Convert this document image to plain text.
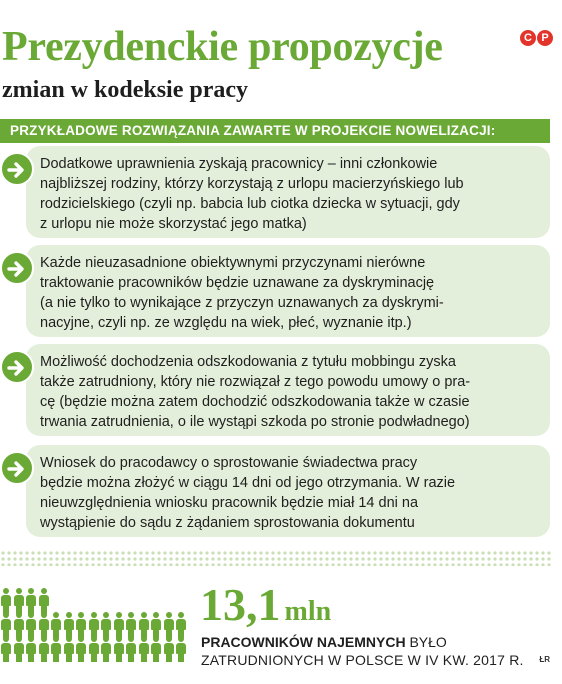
Prezydenckie propozycje
zmian w kodeksie pracy
C P
PRZYKŁADOWE ROZWIĄZANIA ZAWARTE W PROJEKCIE NOWELIZACJI:

Dodatkowe uprawnienia zyskają pracownicy – inni członkowie
najbliższej rodziny, którzy korzystają z urlopu macierzyńskiego lub
rodzicielskiego (czyli np. babcia lub ciotka dziecka w sytuacji, gdy
z urlopu nie może skorzystać jego matka)

Każde nieuzasadnione obiektywnymi przyczynami nierówne
traktowanie pracowników będzie uznawane za dyskryminację
(a nie tylko to wynikające z przyczyn uznawanych za dyskrymi-
nacyjne, czyli np. ze względu na wiek, płeć, wyznanie itp.)

Możliwość dochodzenia odszkodowania z tytułu mobbingu zyska
także zatrudniony, który nie rozwiązał z tego powodu umowy o pra-
cę (będzie można zatem dochodzić odszkodowania także w czasie
trwania zatrudnienia, o ile wystąpi szkoda po stronie podwładnego)

Wniosek do pracodawcy o sprostowanie świadectwa pracy
będzie można złożyć w ciągu 14 dni od jego otrzymania. W razie
nieuwzględnienia wniosku pracownik będzie miał 14 dni na
wystąpienie do sądu z żądaniem sprostowania dokumentu

13,1 mln
PRACOWNIKÓW NAJEMNYCH BYŁO
ZATRUDNIONYCH W POLSCE W IV KW. 2017 R. ŁR
